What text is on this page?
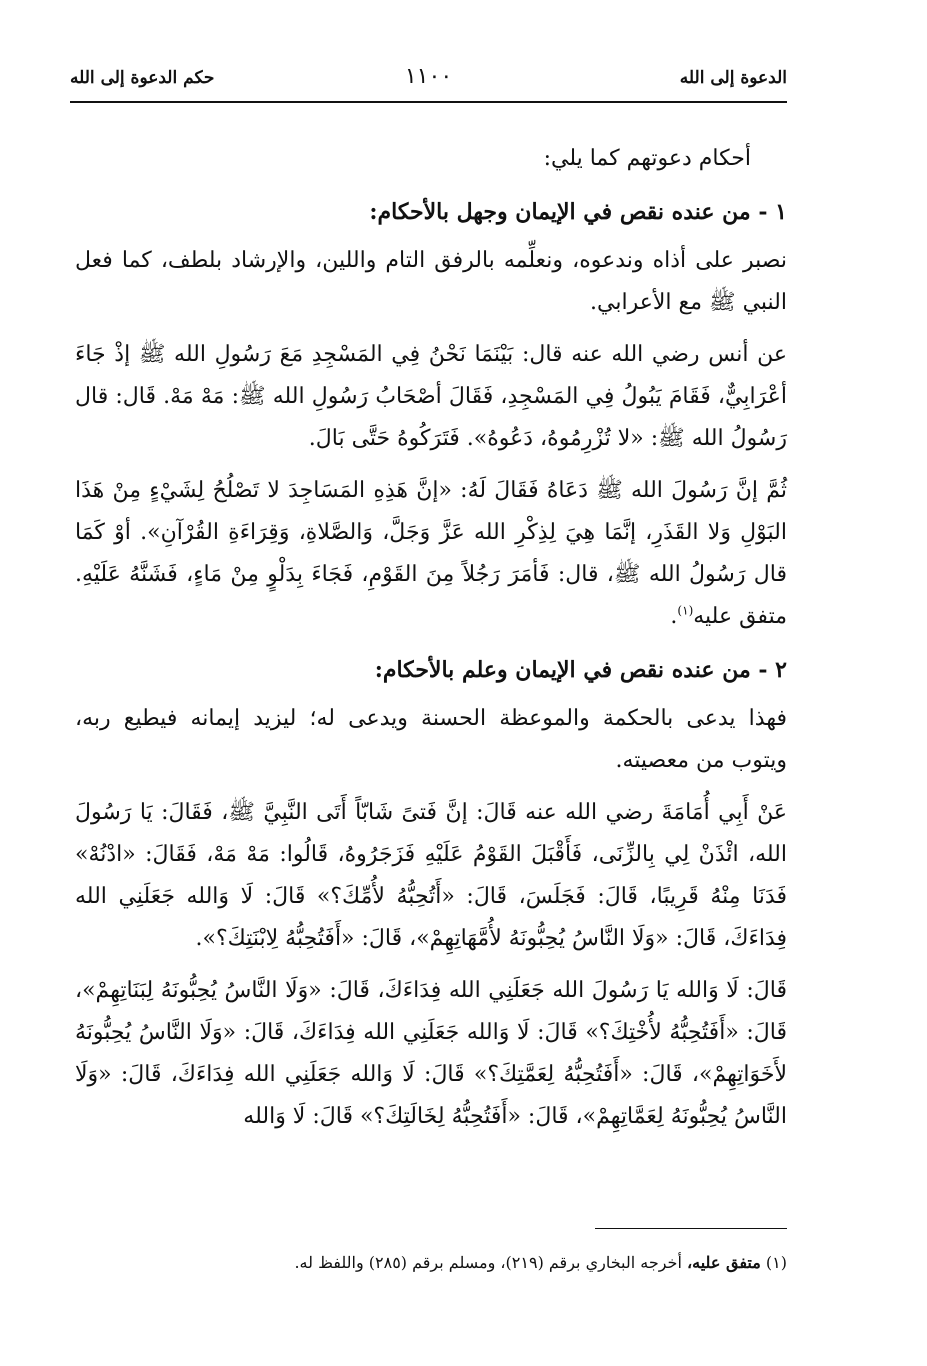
الدعوة إلى الله
١١٠٠
حكم الدعوة إلى الله

أحكام دعوتهم كما يلي:

١ - من عنده نقص في الإيمان وجهل بالأحكام:

نصبر على أذاه وندعوه، ونعلِّمه بالرفق التام واللين، والإرشاد بلطف، كما فعل النبي ﷺ مع الأعرابي.

عن أنس رضي الله عنه قال: بَيْنَمَا نَحْنُ فِي المَسْجِدِ مَعَ رَسُولِ الله ﷺ إذْ جَاءَ أعْرَابِيٌّ، فَقَامَ يَبُولُ فِي المَسْجِدِ، فَقَالَ أصْحَابُ رَسُولِ الله ﷺ: مَهْ مَهْ. قَال: قال رَسُولُ الله ﷺ: «لا تُزْرِمُوهُ، دَعُوهُ». فَتَرَكُوهُ حَتَّى بَالَ.

ثُمَّ إنَّ رَسُولَ الله ﷺ دَعَاهُ فَقَالَ لَهُ: «إنَّ هَذِهِ المَسَاجِدَ لا تَصْلُحُ لِشَيْءٍ مِنْ هَذَا البَوْلِ وَلا القَذَرِ، إنَّمَا هِيَ لِذِكْرِ الله عَزَّ وَجَلَّ، وَالصَّلاةِ، وَقِرَاءَةِ القُرْآنِ». أوْ كَمَا قال رَسُولُ الله ﷺ، قال: فَأمَرَ رَجُلاً مِنَ القَوْمِ، فَجَاءَ بِدَلْوٍ مِنْ مَاءٍ، فَشَنَّهُ عَلَيْهِ. متفق عليه$^{(١)}$.

٢ - من عنده نقص في الإيمان وعلم بالأحكام:

فهذا يدعى بالحكمة والموعظة الحسنة ويدعى له؛ ليزيد إيمانه فيطيع ربه، ويتوب من معصيته.

عَنْ أَبِي أُمَامَةَ رضي الله عنه قَالَ: إنَّ فَتىً شَابّاً أَتَى النَّبِيَّ ﷺ، فَقَالَ: يَا رَسُولَ الله، ائْذَنْ لِي بِالزِّنَى، فَأَقْبَلَ القَوْمُ عَلَيْهِ فَزَجَرُوهُ، قَالُوا: مَهْ مَهْ، فَقَالَ: «ادْنُهْ» فَدَنَا مِنْهُ قَرِيبًا، قَالَ: فَجَلَسَ، قَالَ: «أَتُحِبُّهُ لأُمِّكَ؟» قَالَ: لَا وَالله جَعَلَنِي الله فِدَاءَكَ، قَالَ: «وَلَا النَّاسُ يُحِبُّونَهُ لأُمَّهَاتِهِمْ»، قَالَ: «أَفَتُحِبُّهُ لِابْنَتِكَ؟».

قَالَ: لَا وَالله يَا رَسُولَ الله جَعَلَنِي الله فِدَاءَكَ، قَالَ: «وَلَا النَّاسُ يُحِبُّونَهُ لِبَنَاتِهِمْ»، قَالَ: «أَفَتُحِبُّهُ لأُخْتِكَ؟» قَالَ: لَا وَالله جَعَلَنِي الله فِدَاءَكَ، قَالَ: «وَلَا النَّاسُ يُحِبُّونَهُ لأَخَوَاتِهِمْ»، قَالَ: «أَفَتُحِبُّهُ لِعَمَّتِكَ؟» قَالَ: لَا وَالله جَعَلَنِي الله فِدَاءَكَ، قَالَ: «وَلَا النَّاسُ يُحِبُّونَهُ لِعَمَّاتِهِمْ»، قَالَ: «أَفَتُحِبُّهُ لِخَالَتِكَ؟» قَالَ: لَا وَالله

(١) متفق عليه، أخرجه البخاري برقم (٢١٩)، ومسلم برقم (٢٨٥) واللفظ له.
